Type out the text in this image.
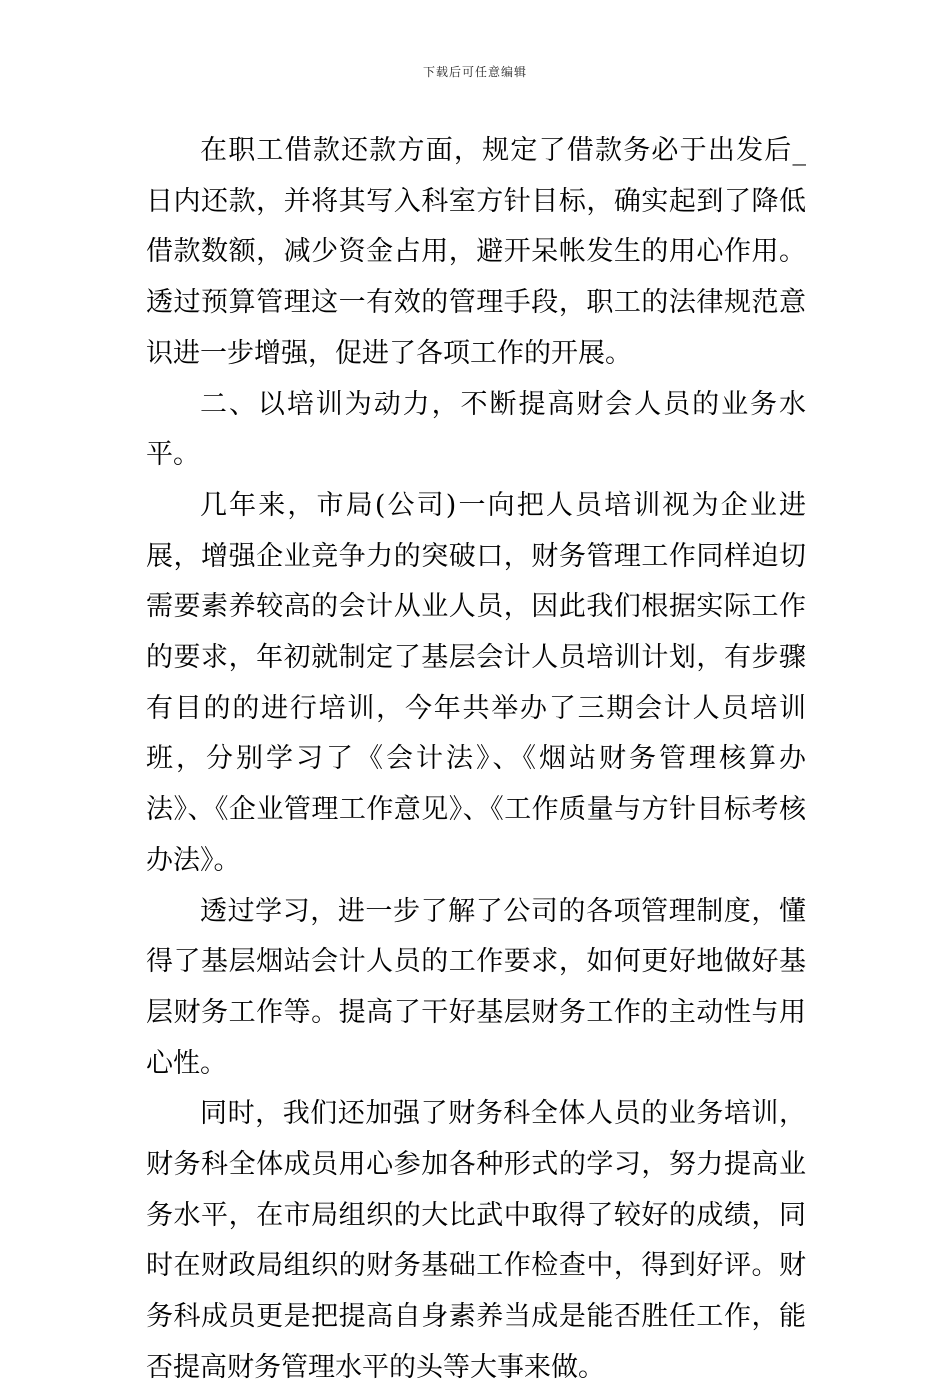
下载后可任意编辑

在职工借款还款方面，规定了借款务必于出发后_日内还款，并将其写入科室方针目标，确实起到了降低借款数额，减少资金占用，避开呆帐发生的用心作用。透过预算管理这一有效的管理手段，职工的法律规范意识进一步增强，促进了各项工作的开展。

二、以培训为动力，不断提高财会人员的业务水平。

几年来，市局(公司)一向把人员培训视为企业进展，增强企业竞争力的突破口，财务管理工作同样迫切需要素养较高的会计从业人员，因此我们根据实际工作的要求，年初就制定了基层会计人员培训计划，有步骤有目的的进行培训，今年共举办了三期会计人员培训班，分别学习了《会计法》、《烟站财务管理核算办法》、《企业管理工作意见》、《工作质量与方针目标考核办法》。

透过学习，进一步了解了公司的各项管理制度，懂得了基层烟站会计人员的工作要求，如何更好地做好基层财务工作等。提高了干好基层财务工作的主动性与用心性。

同时，我们还加强了财务科全体人员的业务培训，财务科全体成员用心参加各种形式的学习，努力提高业务水平，在市局组织的大比武中取得了较好的成绩，同时在财政局组织的财务基础工作检查中，得到好评。财务科成员更是把提高自身素养当成是能否胜任工作，能否提高财务管理水平的头等大事来做。
